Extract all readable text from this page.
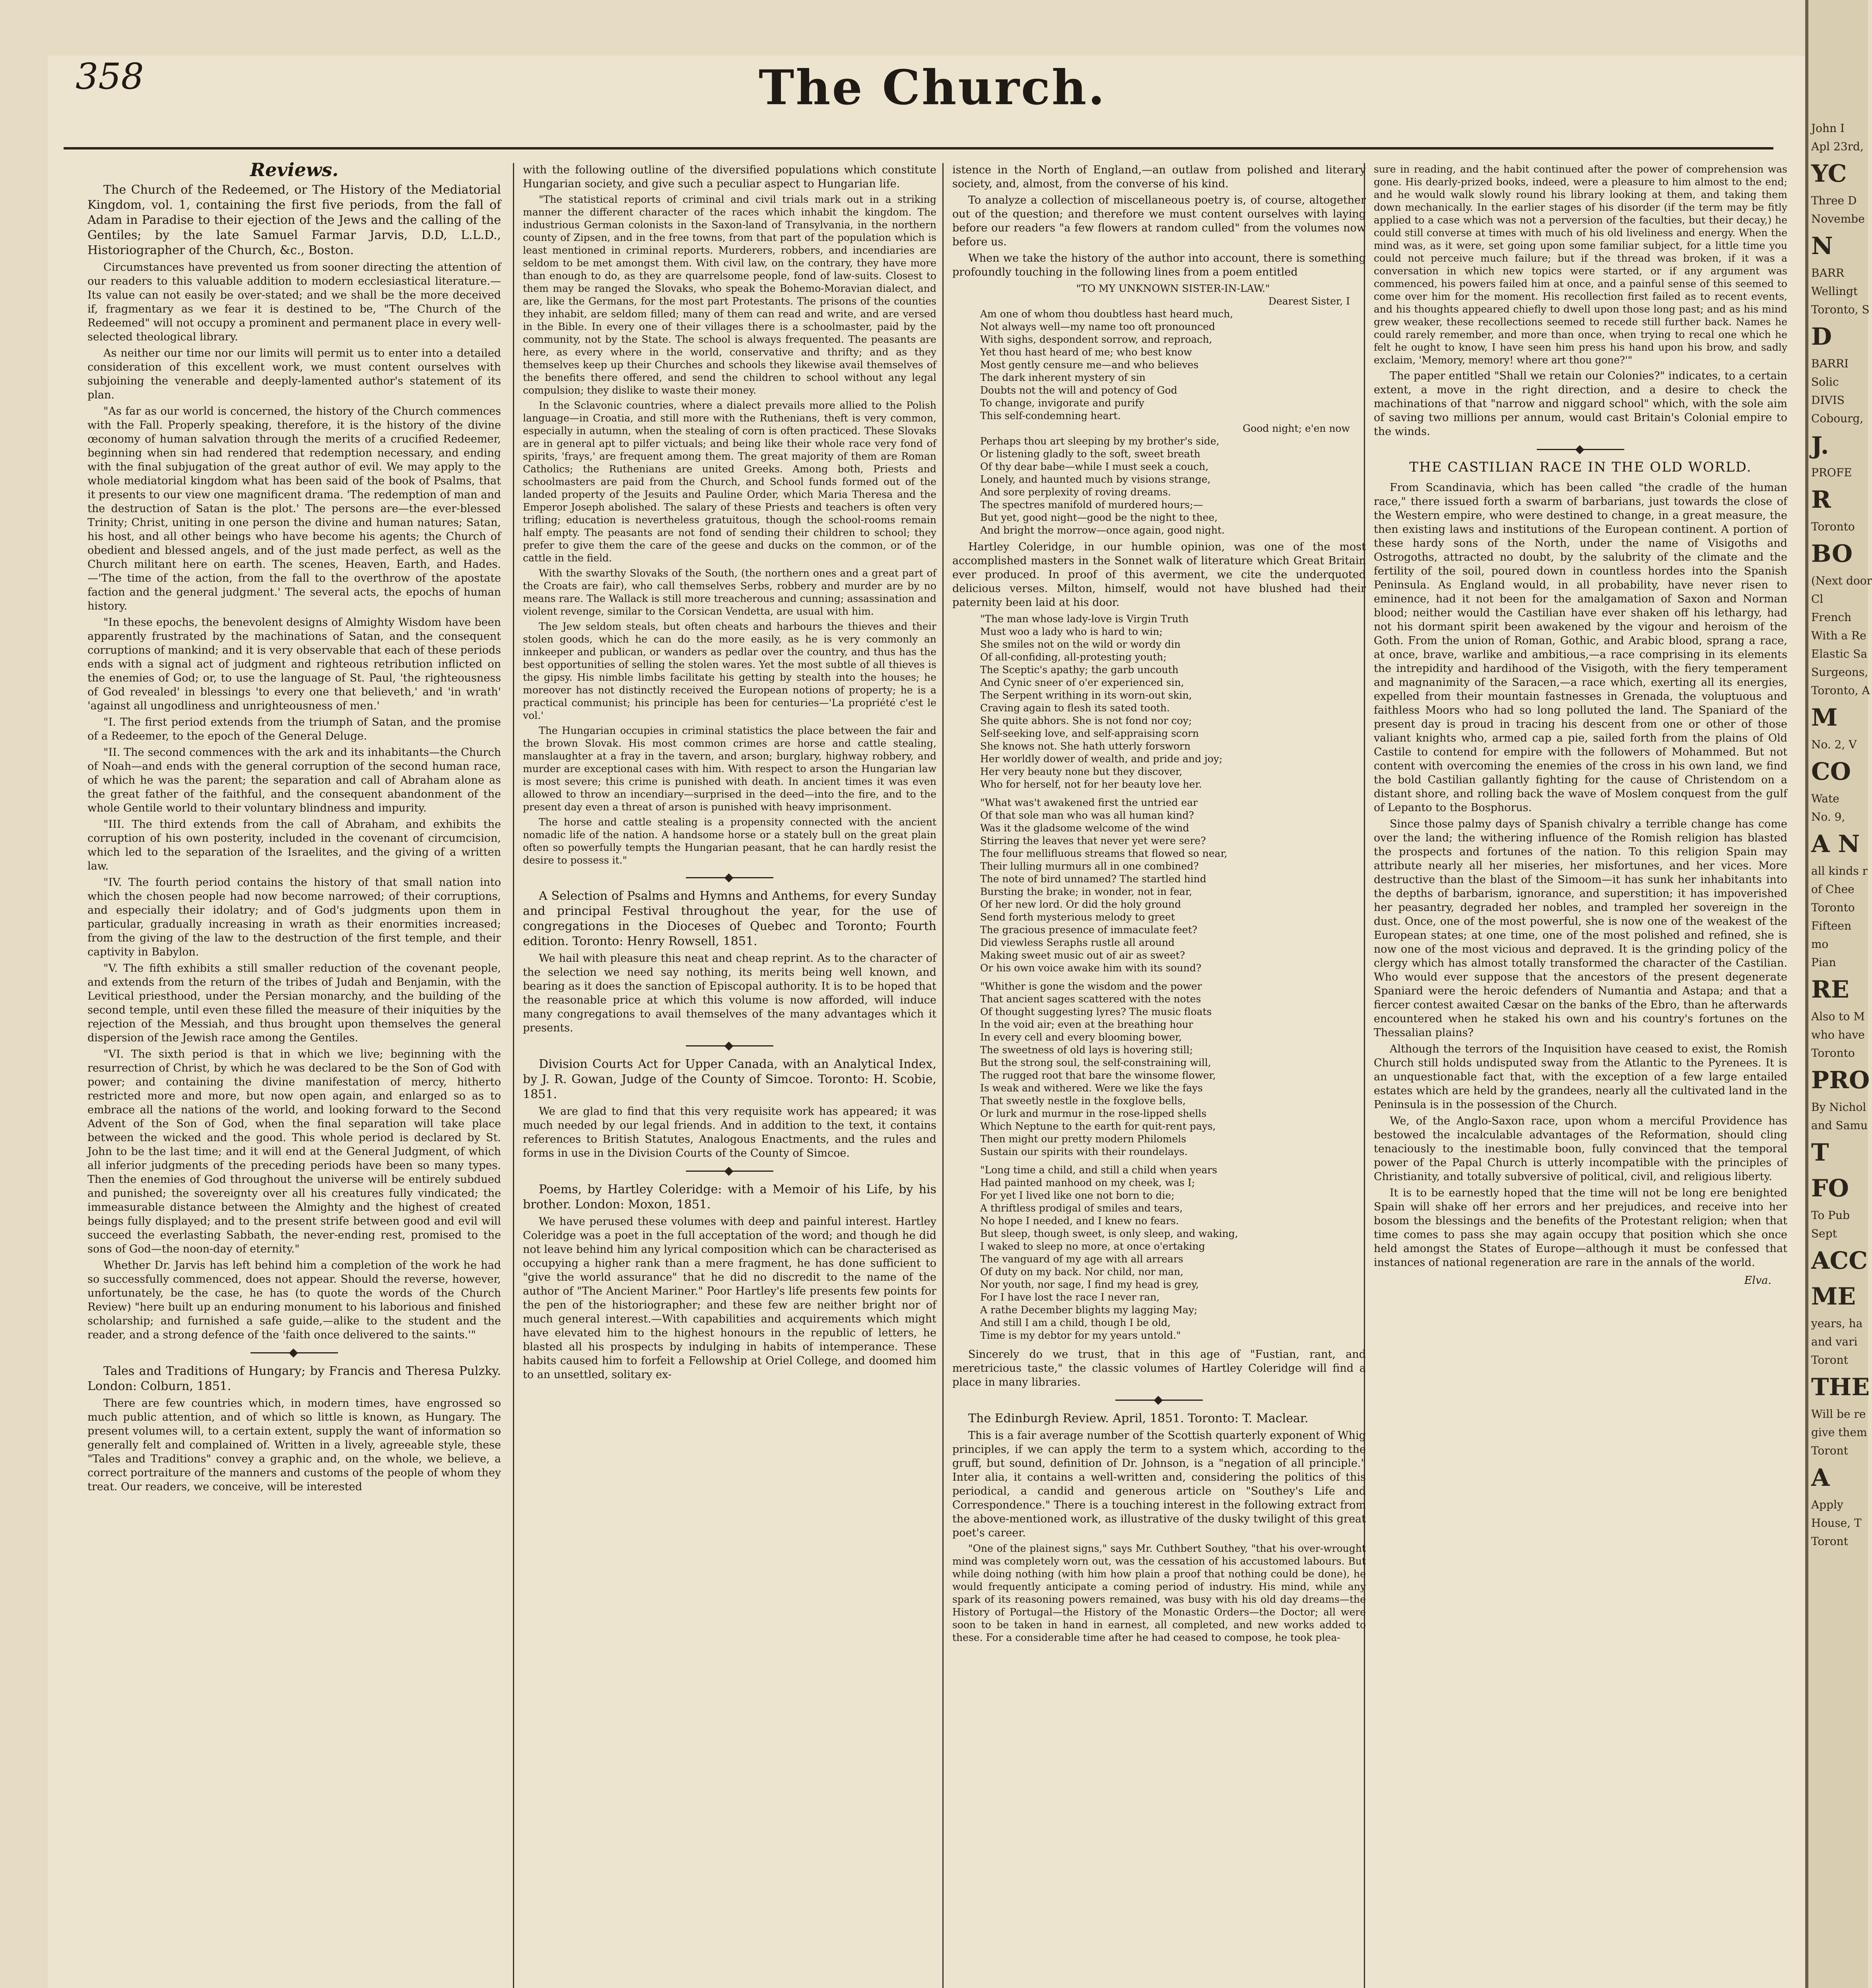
358	The Church.
Reviews.

The Church of the Redeemed, or The History of the Mediatorial Kingdom, vol. 1, containing the first five periods, from the fall of Adam in Paradise to their ejection of the Jews and the calling of the Gentiles; by the late Samuel Farmar Jarvis, D.D, L.L.D., Historiographer of the Church, &c., Boston.

Circumstances have prevented us from sooner directing the attention of our readers to this valuable addition to modern ecclesiastical literature.—Its value can not easily be over-stated; and we shall be the more deceived if, fragmentary as we fear it is destined to be, "The Church of the Redeemed" will not occupy a prominent and permanent place in every well-selected theological library.

As neither our time nor our limits will permit us to enter into a detailed consideration of this excellent work, we must content ourselves with subjoining the venerable and deeply-lamented author's statement of its plan.

"As far as our world is concerned, the history of the Church commences with the Fall. Properly speaking, therefore, it is the history of the divine œconomy of human salvation through the merits of a crucified Redeemer, beginning when sin had rendered that redemption necessary, and ending with the final subjugation of the great author of evil. We may apply to the whole mediatorial kingdom what has been said of the book of Psalms, that it presents to our view one magnificent drama. 'The redemption of man and the destruction of Satan is the plot.' The persons are—the ever-blessed Trinity; Christ, uniting in one person the divine and human natures; Satan, his host, and all other beings who have become his agents; the Church of obedient and blessed angels, and of the just made perfect, as well as the Church militant here on earth. The scenes, Heaven, Earth, and Hades.—'The time of the action, from the fall to the overthrow of the apostate faction and the general judgment.' The several acts, the epochs of human history.

"In these epochs, the benevolent designs of Almighty Wisdom have been apparently frustrated by the machinations of Satan, and the consequent corruptions of mankind; and it is very observable that each of these periods ends with a signal act of judgment and righteous retribution inflicted on the enemies of God; or, to use the language of St. Paul, 'the righteousness of God revealed' in blessings 'to every one that believeth,' and 'in wrath' 'against all ungodliness and unrighteousness of men.'

"I. The first period extends from the triumph of Satan, and the promise of a Redeemer, to the epoch of the General Deluge.

"II. The second commences with the ark and its inhabitants—the Church of Noah—and ends with the general corruption of the second human race, of which he was the parent; the separation and call of Abraham alone as the great father of the faithful, and the consequent abandonment of the whole Gentile world to their voluntary blindness and impurity.

"III. The third extends from the call of Abraham, and exhibits the corruption of his own posterity, included in the covenant of circumcision, which led to the separation of the Israelites, and the giving of a written law.

"IV. The fourth period contains the history of that small nation into which the chosen people had now become narrowed; of their corruptions, and especially their idolatry; and of God's judgments upon them in particular, gradually increasing in wrath as their enormities increased; from the giving of the law to the destruction of the first temple, and their captivity in Babylon.

"V. The fifth exhibits a still smaller reduction of the covenant people, and extends from the return of the tribes of Judah and Benjamin, with the Levitical priesthood, under the Persian monarchy, and the building of the second temple, until even these filled the measure of their iniquities by the rejection of the Messiah, and thus brought upon themselves the general dispersion of the Jewish race among the Gentiles.

"VI. The sixth period is that in which we live; beginning with the resurrection of Christ, by which he was declared to be the Son of God with power; and containing the divine manifestation of mercy, hitherto restricted more and more, but now open again, and enlarged so as to embrace all the nations of the world, and looking forward to the Second Advent of the Son of God, when the final separation will take place between the wicked and the good. This whole period is declared by St. John to be the last time; and it will end at the General Judgment, of which all inferior judgments of the preceding periods have been so many types. Then the enemies of God throughout the universe will be entirely subdued and punished; the sovereignty over all his creatures fully vindicated; the immeasurable distance between the Almighty and the highest of created beings fully displayed; and to the present strife between good and evil will succeed the everlasting Sabbath, the never-ending rest, promised to the sons of God—the noon-day of eternity."

Whether Dr. Jarvis has left behind him a completion of the work he had so successfully commenced, does not appear. Should the reverse, however, unfortunately, be the case, he has (to quote the words of the Church Review) "here built up an enduring monument to his laborious and finished scholarship; and furnished a safe guide,—alike to the student and the reader, and a strong defence of the 'faith once delivered to the saints.'"

Tales and Traditions of Hungary; by Francis and Theresa Pulzky. London: Colburn, 1851.

There are few countries which, in modern times, have engrossed so much public attention, and of which so little is known, as Hungary. The present volumes will, to a certain extent, supply the want of information so generally felt and complained of. Written in a lively, agreeable style, these "Tales and Traditions" convey a graphic and, on the whole, we believe, a correct portraiture of the manners and customs of the people of whom they treat. Our readers, we conceive, will be interested

with the following outline of the diversified populations which constitute Hungarian society, and give such a peculiar aspect to Hungarian life.

"The statistical reports of criminal and civil trials mark out in a striking manner the different character of the races which inhabit the kingdom. The industrious German colonists in the Saxon-land of Transylvania, in the northern county of Zipsen, and in the free towns, from that part of the population which is least mentioned in criminal reports. Murderers, robbers, and incendiaries are seldom to be met amongst them. With civil law, on the contrary, they have more than enough to do, as they are quarrelsome people, fond of law-suits. Closest to them may be ranged the Slovaks, who speak the Bohemo-Moravian dialect, and are, like the Germans, for the most part Protestants. The prisons of the counties they inhabit, are seldom filled; many of them can read and write, and are versed in the Bible. In every one of their villages there is a schoolmaster, paid by the community, not by the State. The school is always frequented. The peasants are here, as every where in the world, conservative and thrifty; and as they themselves keep up their Churches and schools they likewise avail themselves of the benefits there offered, and send the children to school without any legal compulsion; they dislike to waste their money.

In the Sclavonic countries, where a dialect prevails more allied to the Polish language—in Croatia, and still more with the Ruthenians, theft is very common, especially in autumn, when the stealing of corn is often practiced. These Slovaks are in general apt to pilfer victuals; and being like their whole race very fond of spirits, 'frays,' are frequent among them. The great majority of them are Roman Catholics; the Ruthenians are united Greeks. Among both, Priests and schoolmasters are paid from the Church, and School funds formed out of the landed property of the Jesuits and Pauline Order, which Maria Theresa and the Emperor Joseph abolished. The salary of these Priests and teachers is often very trifling; education is nevertheless gratuitous, though the school-rooms remain half empty. The peasants are not fond of sending their children to school; they prefer to give them the care of the geese and ducks on the common, or of the cattle in the field.

With the swarthy Slovaks of the South, (the northern ones and a great part of the Croats are fair), who call themselves Serbs, robbery and murder are by no means rare. The Wallack is still more treacherous and cunning; assassination and violent revenge, similar to the Corsican Vendetta, are usual with him.

The Jew seldom steals, but often cheats and harbours the thieves and their stolen goods, which he can do the more easily, as he is very commonly an innkeeper and publican, or wanders as pedlar over the country, and thus has the best opportunities of selling the stolen wares. Yet the most subtle of all thieves is the gipsy. His nimble limbs facilitate his getting by stealth into the houses; he moreover has not distinctly received the European notions of property; he is a practical communist; his principle has been for centuries—'La propriété c'est le vol.'

The Hungarian occupies in criminal statistics the place between the fair and the brown Slovak. His most common crimes are horse and cattle stealing, manslaughter at a fray in the tavern, and arson; burglary, highway robbery, and murder are exceptional cases with him. With respect to arson the Hungarian law is most severe; this crime is punished with death. In ancient times it was even allowed to throw an incendiary—surprised in the deed—into the fire, and to the present day even a threat of arson is punished with heavy imprisonment.

The horse and cattle stealing is a propensity connected with the ancient nomadic life of the nation. A handsome horse or a stately bull on the great plain often so powerfully tempts the Hungarian peasant, that he can hardly resist the desire to possess it."

A Selection of Psalms and Hymns and Anthems, for every Sunday and principal Festival throughout the year, for the use of congregations in the Dioceses of Quebec and Toronto; Fourth edition. Toronto: Henry Rowsell, 1851.

We hail with pleasure this neat and cheap reprint. As to the character of the selection we need say nothing, its merits being well known, and bearing as it does the sanction of Episcopal authority. It is to be hoped that the reasonable price at which this volume is now afforded, will induce many congregations to avail themselves of the many advantages which it presents.

Division Courts Act for Upper Canada, with an Analytical Index, by J. R. Gowan, Judge of the County of Simcoe. Toronto: H. Scobie, 1851.

We are glad to find that this very requisite work has appeared; it was much needed by our legal friends. And in addition to the text, it contains references to British Statutes, Analogous Enactments, and the rules and forms in use in the Division Courts of the County of Simcoe.

Poems, by Hartley Coleridge: with a Memoir of his Life, by his brother. London: Moxon, 1851.

We have perused these volumes with deep and painful interest. Hartley Coleridge was a poet in the full acceptation of the word; and though he did not leave behind him any lyrical composition which can be characterised as occupying a higher rank than a mere fragment, he has done sufficient to "give the world assurance" that he did no discredit to the name of the author of "The Ancient Mariner." Poor Hartley's life presents few points for the pen of the historiographer; and these few are neither bright nor of much general interest.—With capabilities and acquirements which might have elevated him to the highest honours in the republic of letters, he blasted all his prospects by indulging in habits of intemperance. These habits caused him to forfeit a Fellowship at Oriel College, and doomed him to an unsettled, solitary ex-

istence in the North of England,—an outlaw from polished and literary society, and, almost, from the converse of his kind.

To analyze a collection of miscellaneous poetry is, of course, altogether out of the question; and therefore we must content ourselves with laying before our readers "a few flowers at random culled" from the volumes now before us.

When we take the history of the author into account, there is something profoundly touching in the following lines from a poem entitled

"TO MY UNKNOWN SISTER-IN-LAW."
Dearest Sister, I
Am one of whom thou doubtless hast heard much,
Not always well—my name too oft pronounced
With sighs, despondent sorrow, and reproach,
Yet thou hast heard of me; who best know
Most gently censure me—and who believes
The dark inherent mystery of sin
Doubts not the will and potency of God
To change, invigorate and purify
This self-condemning heart.
Good night; e'en now
Perhaps thou art sleeping by my brother's side,
Or listening gladly to the soft, sweet breath
Of thy dear babe—while I must seek a couch,
Lonely, and haunted much by visions strange,
And sore perplexity of roving dreams.
The spectres manifold of murdered hours;—
But yet, good night—good be the night to thee,
And bright the morrow—once again, good night.

Hartley Coleridge, in our humble opinion, was one of the most accomplished masters in the Sonnet walk of literature which Great Britain ever produced. In proof of this averment, we cite the underquoted delicious verses. Milton, himself, would not have blushed had their paternity been laid at his door.

"The man whose lady-love is Virgin Truth
Must woo a lady who is hard to win;
She smiles not on the wild or wordy din
Of all-confiding, all-protesting youth;
The Sceptic's apathy; the garb uncouth
And Cynic sneer of o'er experienced sin,
The Serpent writhing in its worn-out skin,
Craving again to flesh its sated tooth.
She quite abhors. She is not fond nor coy;
Self-seeking love, and self-appraising scorn
She knows not. She hath utterly forsworn
Her worldly dower of wealth, and pride and joy;
Her very beauty none but they discover,
Who for herself, not for her beauty love her.
"What was't awakened first the untried ear
Of that sole man who was all human kind?
Was it the gladsome welcome of the wind
Stirring the leaves that never yet were sere?
The four mellifluous streams that flowed so near,
Their lulling murmurs all in one combined?
The note of bird unnamed? The startled hind
Bursting the brake; in wonder, not in fear,
Of her new lord. Or did the holy ground
Send forth mysterious melody to greet
The gracious presence of immaculate feet?
Did viewless Seraphs rustle all around
Making sweet music out of air as sweet?
Or his own voice awake him with its sound?
"Whither is gone the wisdom and the power
That ancient sages scattered with the notes
Of thought suggesting lyres? The music floats
In the void air; even at the breathing hour
In every cell and every blooming bower,
The sweetness of old lays is hovering still;
But the strong soul, the self-constraining will,
The rugged root that bare the winsome flower,
Is weak and withered. Were we like the fays
That sweetly nestle in the foxglove bells,
Or lurk and murmur in the rose-lipped shells
Which Neptune to the earth for quit-rent pays,
Then might our pretty modern Philomels
Sustain our spirits with their roundelays.
"Long time a child, and still a child when years
Had painted manhood on my cheek, was I;
For yet I lived like one not born to die;
A thriftless prodigal of smiles and tears,
No hope I needed, and I knew no fears.
But sleep, though sweet, is only sleep, and waking,
I waked to sleep no more, at once o'ertaking
The vanguard of my age with all arrears
Of duty on my back. Nor child, nor man,
Nor youth, nor sage, I find my head is grey,
For I have lost the race I never ran,
A rathe December blights my lagging May;
And still I am a child, though I be old,
Time is my debtor for my years untold."

Sincerely do we trust, that in this age of "Fustian, rant, and meretricious taste," the classic volumes of Hartley Coleridge will find a place in many libraries.

The Edinburgh Review. April, 1851. Toronto: T. Maclear.

This is a fair average number of the Scottish quarterly exponent of Whig principles, if we can apply the term to a system which, according to the gruff, but sound, definition of Dr. Johnson, is a "negation of all principle." Inter alia, it contains a well-written and, considering the politics of this periodical, a candid and generous article on "Southey's Life and Correspondence." There is a touching interest in the following extract from the above-mentioned work, as illustrative of the dusky twilight of this great poet's career.

"One of the plainest signs," says Mr. Cuthbert Southey, "that his over-wrought mind was completely worn out, was the cessation of his accustomed labours. But while doing nothing (with him how plain a proof that nothing could be done), he would frequently anticipate a coming period of industry. His mind, while any spark of its reasoning powers remained, was busy with his old day dreams—the History of Portugal—the History of the Monastic Orders—the Doctor; all were soon to be taken in hand in earnest, all completed, and new works added to these. For a considerable time after he had ceased to compose, he took plea-

sure in reading, and the habit continued after the power of comprehension was gone. His dearly-prized books, indeed, were a pleasure to him almost to the end; and he would walk slowly round his library looking at them, and taking them down mechanically. In the earlier stages of his disorder (if the term may be fitly applied to a case which was not a perversion of the faculties, but their decay,) he could still converse at times with much of his old liveliness and energy. When the mind was, as it were, set going upon some familiar subject, for a little time you could not perceive much failure; but if the thread was broken, if it was a conversation in which new topics were started, or if any argument was commenced, his powers failed him at once, and a painful sense of this seemed to come over him for the moment. His recollection first failed as to recent events, and his thoughts appeared chiefly to dwell upon those long past; and as his mind grew weaker, these recollections seemed to recede still further back. Names he could rarely remember, and more than once, when trying to recal one which he felt he ought to know, I have seen him press his hand upon his brow, and sadly exclaim, 'Memory, memory! where art thou gone?'"

The paper entitled "Shall we retain our Colonies?" indicates, to a certain extent, a move in the right direction, and a desire to check the machinations of that "narrow and niggard school" which, with the sole aim of saving two millions per annum, would cast Britain's Colonial empire to the winds.

THE CASTILIAN RACE IN THE OLD WORLD.

From Scandinavia, which has been called "the cradle of the human race," there issued forth a swarm of barbarians, just towards the close of the Western empire, who were destined to change, in a great measure, the then existing laws and institutions of the European continent. A portion of these hardy sons of the North, under the name of Visigoths and Ostrogoths, attracted no doubt, by the salubrity of the climate and the fertility of the soil, poured down in countless hordes into the Spanish Peninsula. As England would, in all probability, have never risen to eminence, had it not been for the amalgamation of Saxon and Norman blood; neither would the Castilian have ever shaken off his lethargy, had not his dormant spirit been awakened by the vigour and heroism of the Goth. From the union of Roman, Gothic, and Arabic blood, sprang a race, at once, brave, warlike and ambitious,—a race comprising in its elements the intrepidity and hardihood of the Visigoth, with the fiery temperament and magnanimity of the Saracen,—a race which, exerting all its energies, expelled from their mountain fastnesses in Grenada, the voluptuous and faithless Moors who had so long polluted the land. The Spaniard of the present day is proud in tracing his descent from one or other of those valiant knights who, armed cap a pie, sailed forth from the plains of Old Castile to contend for empire with the followers of Mohammed. But not content with overcoming the enemies of the cross in his own land, we find the bold Castilian gallantly fighting for the cause of Christendom on a distant shore, and rolling back the wave of Moslem conquest from the gulf of Lepanto to the Bosphorus.

Since those palmy days of Spanish chivalry a terrible change has come over the land; the withering influence of the Romish religion has blasted the prospects and fortunes of the nation. To this religion Spain may attribute nearly all her miseries, her misfortunes, and her vices. More destructive than the blast of the Simoom—it has sunk her inhabitants into the depths of barbarism, ignorance, and superstition; it has impoverished her peasantry, degraded her nobles, and trampled her sovereign in the dust. Once, one of the most powerful, she is now one of the weakest of the European states; at one time, one of the most polished and refined, she is now one of the most vicious and depraved. It is the grinding policy of the clergy which has almost totally transformed the character of the Castilian. Who would ever suppose that the ancestors of the present degenerate Spaniard were the heroic defenders of Numantia and Astapa; and that a fiercer contest awaited Cæsar on the banks of the Ebro, than he afterwards encountered when he staked his own and his country's fortunes on the Thessalian plains?

Although the terrors of the Inquisition have ceased to exist, the Romish Church still holds undisputed sway from the Atlantic to the Pyrenees. It is an unquestionable fact that, with the exception of a few large entailed estates which are held by the grandees, nearly all the cultivated land in the Peninsula is in the possession of the Church.

We, of the Anglo-Saxon race, upon whom a merciful Providence has bestowed the incalculable advantages of the Reformation, should cling tenaciously to the inestimable boon, fully convinced that the temporal power of the Papal Church is utterly incompatible with the principles of Christianity, and totally subversive of political, civil, and religious liberty.

It is to be earnestly hoped that the time will not be long ere benighted Spain will shake off her errors and her prejudices, and receive into her bosom the blessings and the benefits of the Protestant religion; when that time comes to pass she may again occupy that position which she once held amongst the States of Europe—although it must be confessed that instances of national regeneration are rare in the annals of the world.

Elva.
John I
Apl 23rd,
YC
Three D
Novembe
N
BARR
Wellingt
Toronto, S
D
BARRI
Solic
DIVIS
Cobourg,
J.
PROFE
R
Toronto
BO
(Next door
Cl
French
With a Re
Elastic Sa
Surgeons,
Toronto, A
M
No. 2, V
CO
Wate
No. 9,
A N
all kinds r
of Chee
Toronto
Fifteen
mo
Pian
RE
Also to M
who have
Toronto
PRO
By Nichol
and Samu
T
FO
To Pub
Sept
ACC
ME
years, ha
and vari
Toront
THE
Will be re
give them
Toront
A
Apply
House, T
Toront
